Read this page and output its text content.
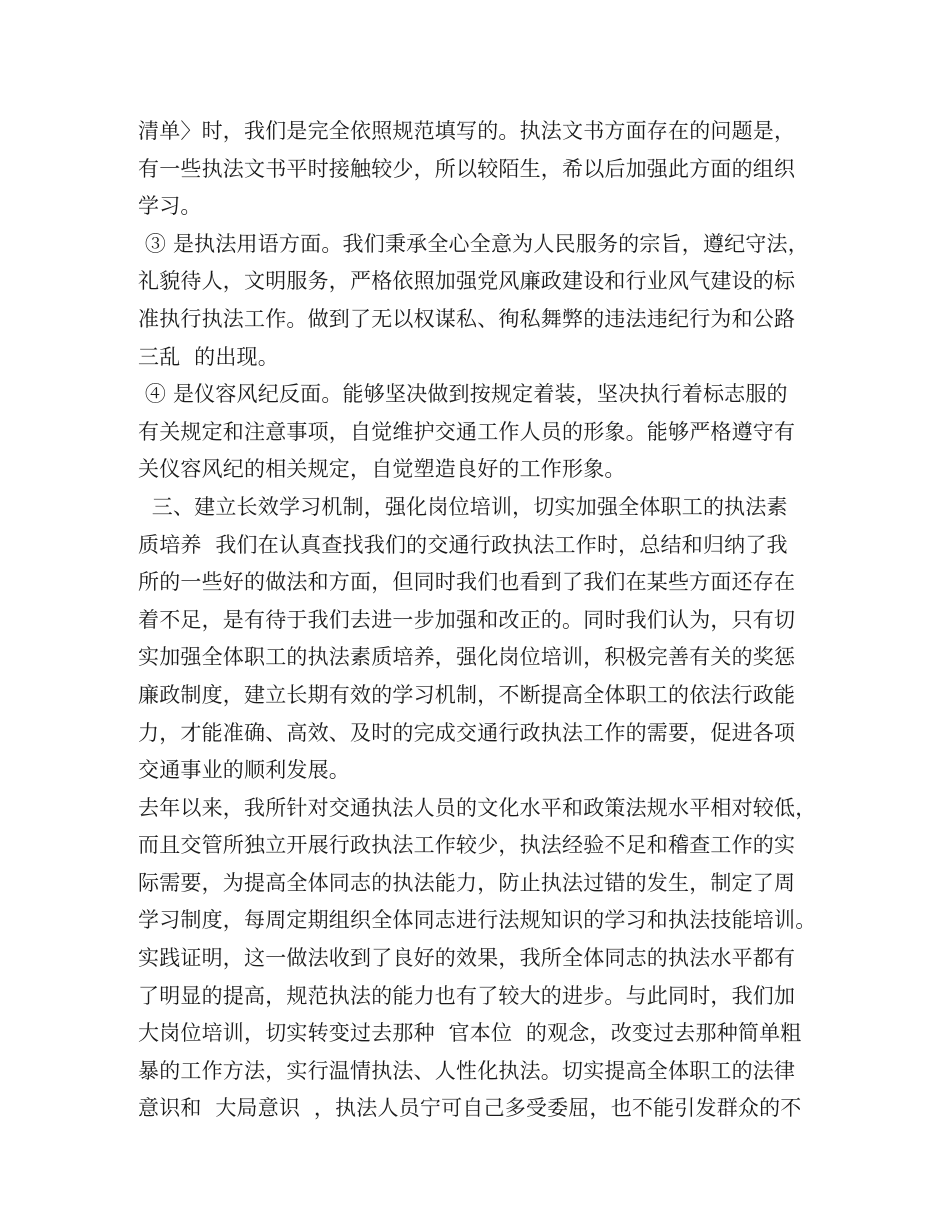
清单〉时，我们是完全依照规范填写的。执法文书方面存在的问题是，
有一些执法文书平时接触较少，所以较陌生，希以后加强此方面的组织
学习。
③ 是执法用语方面。我们秉承全心全意为人民服务的宗旨，遵纪守法，
礼貌待人，文明服务，严格依照加强党风廉政建设和行业风气建设的标
准执行执法工作。做到了无以权谋私、徇私舞弊的违法违纪行为和公路
三乱  的出现。
④ 是仪容风纪反面。能够坚决做到按规定着装，坚决执行着标志服的
有关规定和注意事项，自觉维护交通工作人员的形象。能够严格遵守有
关仪容风纪的相关规定，自觉塑造良好的工作形象。
三、建立长效学习机制，强化岗位培训，切实加强全体职工的执法素
质培养  我们在认真查找我们的交通行政执法工作时，总结和归纳了我
所的一些好的做法和方面，但同时我们也看到了我们在某些方面还存在
着不足，是有待于我们去进一步加强和改正的。同时我们认为，只有切
实加强全体职工的执法素质培养，强化岗位培训，积极完善有关的奖惩
廉政制度，建立长期有效的学习机制，不断提高全体职工的依法行政能
力，才能准确、高效、及时的完成交通行政执法工作的需要，促进各项
交通事业的顺利发展。
去年以来，我所针对交通执法人员的文化水平和政策法规水平相对较低，
而且交管所独立开展行政执法工作较少，执法经验不足和稽查工作的实
际需要，为提高全体同志的执法能力，防止执法过错的发生，制定了周
学习制度，每周定期组织全体同志进行法规知识的学习和执法技能培训。
实践证明，这一做法收到了良好的效果，我所全体同志的执法水平都有
了明显的提高，规范执法的能力也有了较大的进步。与此同时，我们加
大岗位培训，切实转变过去那种  官本位  的观念，改变过去那种简单粗
暴的工作方法，实行温情执法、人性化执法。切实提高全体职工的法律
意识和  大局意识  ，执法人员宁可自己多受委屈，也不能引发群众的不
